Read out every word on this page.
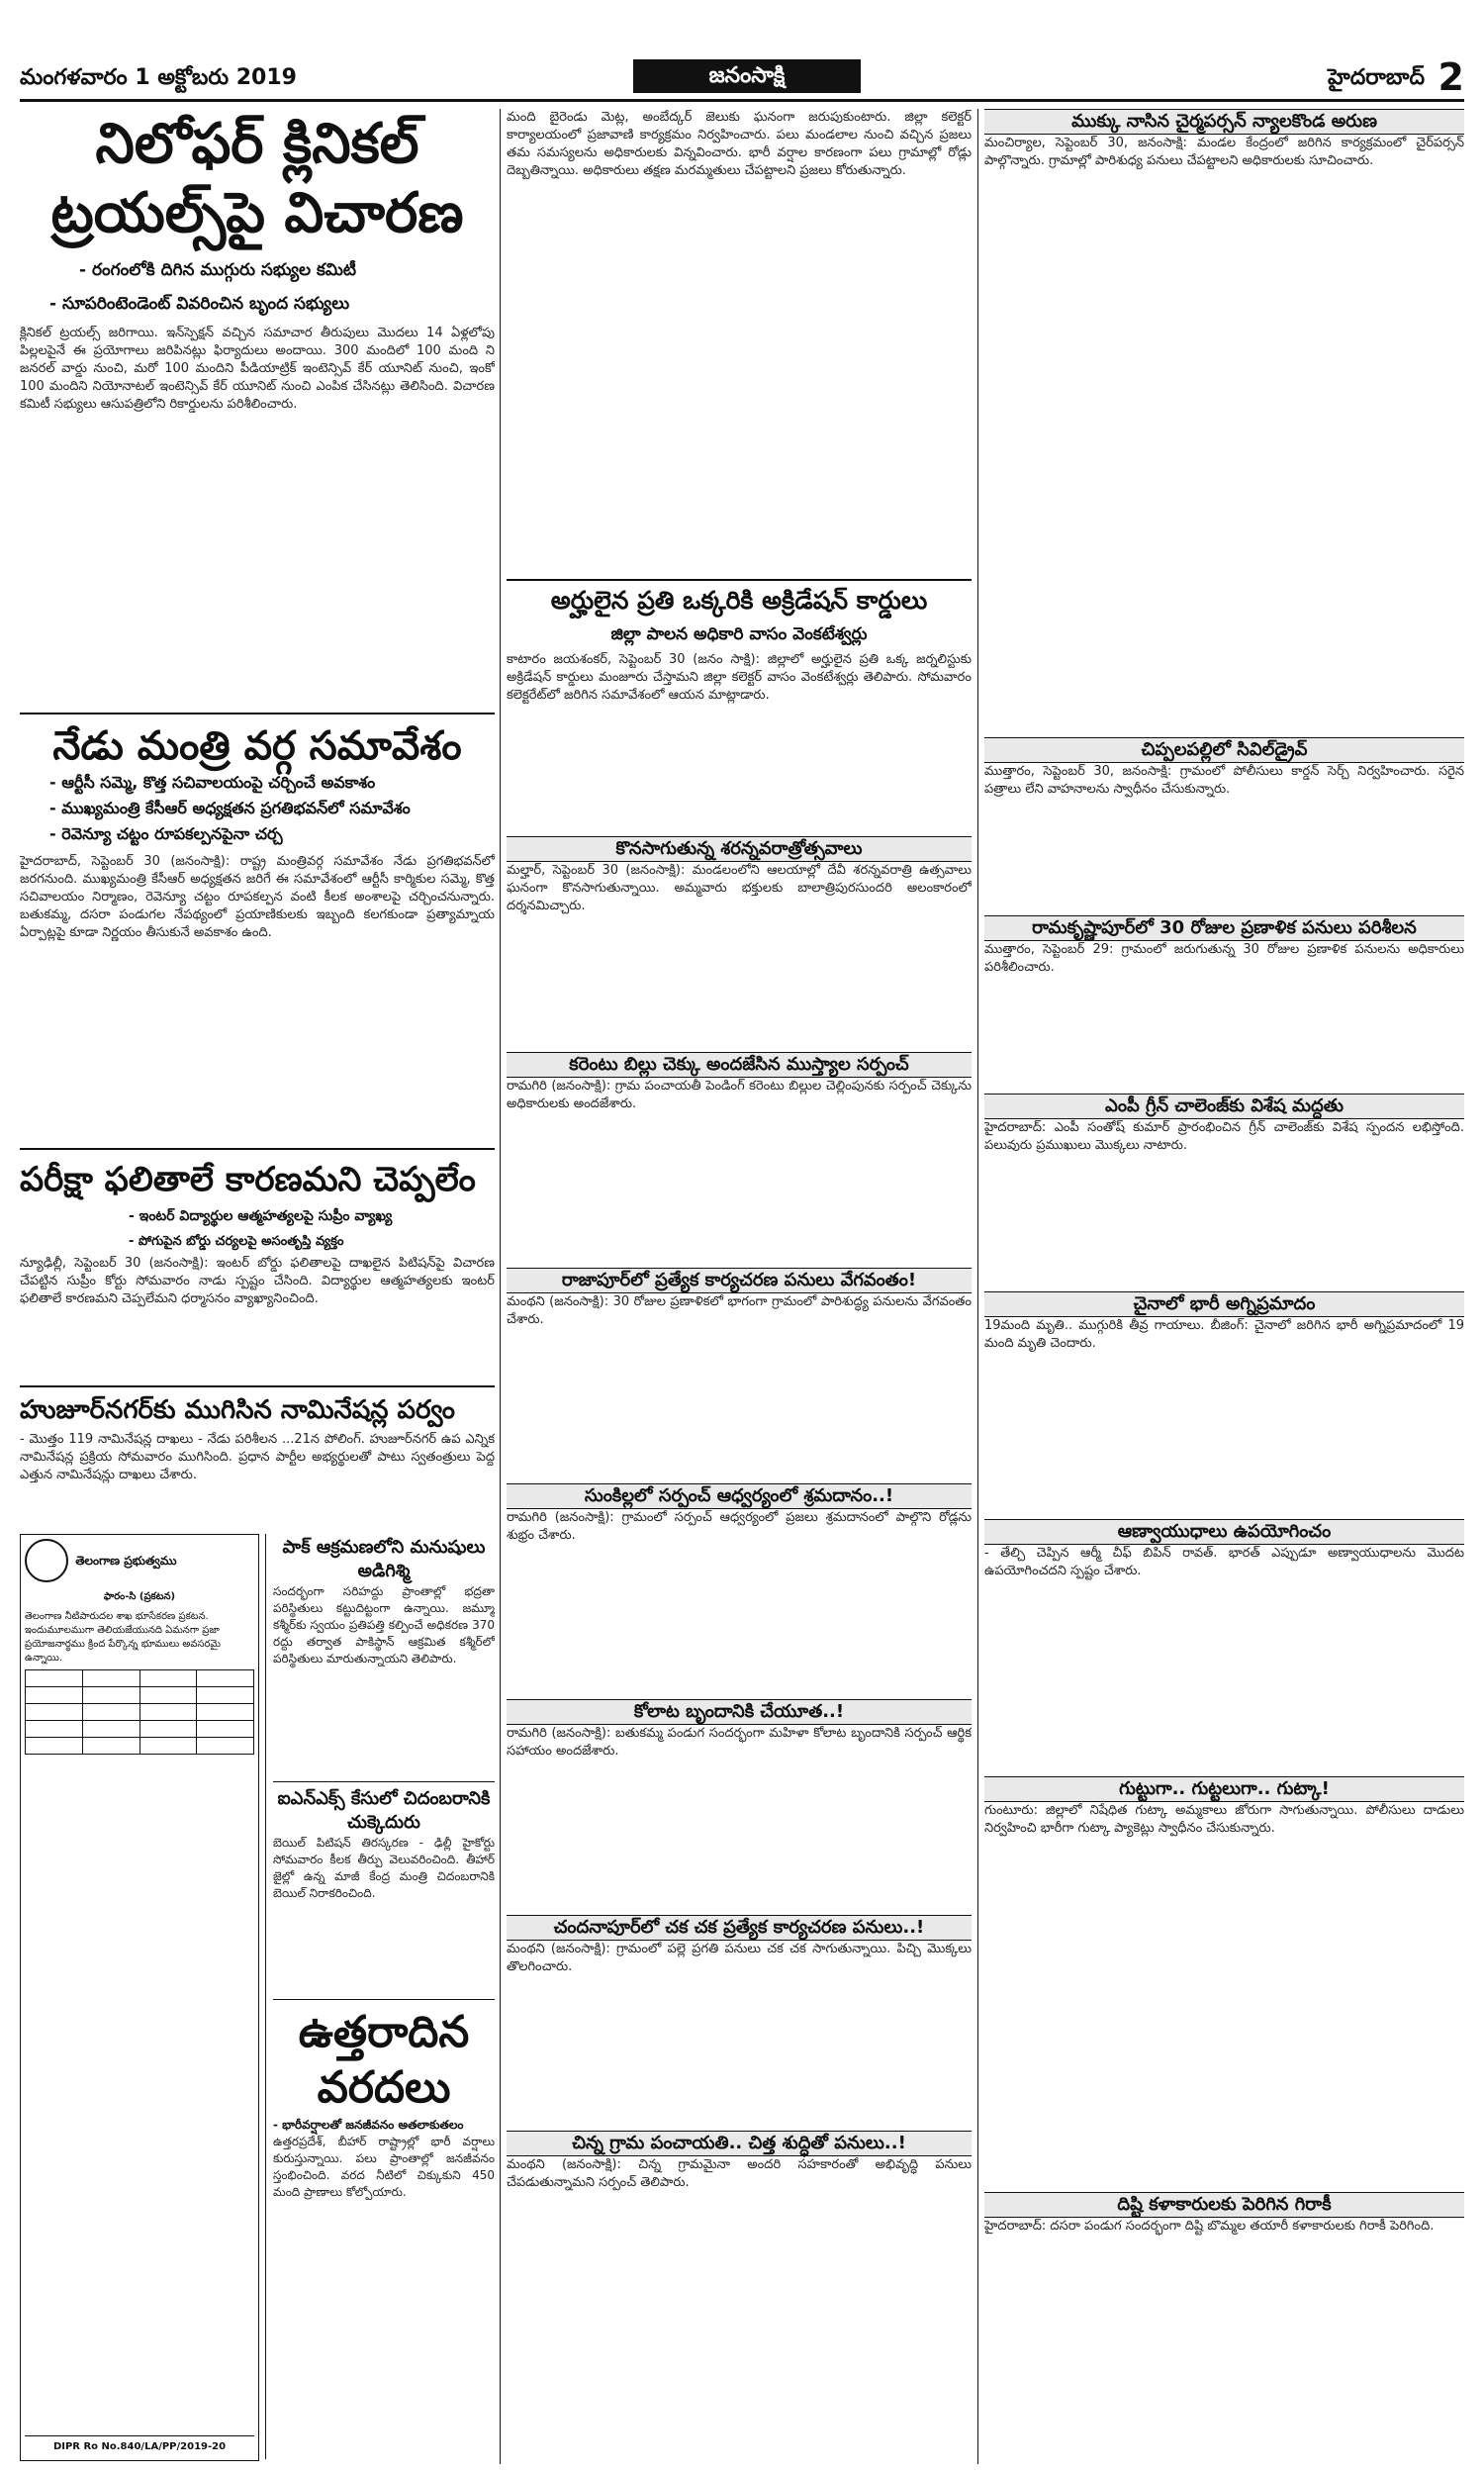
మంగళవారం 1 అక్టోబరు 2019	జనంసాక్షి	హైదరాబాద్ 2
నిలోఫర్ క్లినికల్
ట్రయల్స్‌పై విచారణ
- రంగంలోకి దిగిన ముగ్గురు సభ్యుల కమిటీ
- సూపరింటెండెంట్ వివరించిన బృంద సభ్యులు
క్లినికల్ ట్రయల్స్ జరిగాయి. ఇన్‌స్పెక్షన్ వచ్చిన సమాచార తీరుపులు మొదలు 14 ఏళ్లలోపు పిల్లలపైనే ఈ ప్రయోగాలు జరిపినట్లు ఫిర్యాదులు అందాయి. 300 మందిలో 100 మంది ని జనరల్ వార్డు నుంచి, మరో 100 మందిని పీడియాట్రిక్ ఇంటెన్సివ్ కేర్ యూనిట్ నుంచి, ఇంకో 100 మందిని నియోనాటల్ ఇంటెన్సివ్ కేర్ యూనిట్ నుంచి ఎంపిక చేసినట్లు తెలిసింది. విచారణ కమిటీ సభ్యులు ఆసుపత్రిలోని రికార్డులను పరిశీలించారు.
నేడు మంత్రి వర్గ సమావేశం
- ఆర్టీసీ సమ్మె, కొత్త సచివాలయంపై చర్చించే అవకాశం
- ముఖ్యమంత్రి కేసీఆర్ అధ్యక్షతన ప్రగతిభవన్‌లో సమావేశం
- రెవెన్యూ చట్టం రూపకల్పనపైనా చర్చ
హైదరాబాద్, సెప్టెంబర్ 30 (జనంసాక్షి): రాష్ట్ర మంత్రివర్గ సమావేశం నేడు ప్రగతిభవన్‌లో జరగనుంది. ముఖ్యమంత్రి కేసీఆర్ అధ్యక్షతన జరిగే ఈ సమావేశంలో ఆర్టీసీ కార్మికుల సమ్మె, కొత్త సచివాలయం నిర్మాణం, రెవెన్యూ చట్టం రూపకల్పన వంటి కీలక అంశాలపై చర్చించనున్నారు. బతుకమ్మ, దసరా పండుగల నేపథ్యంలో ప్రయాణికులకు ఇబ్బంది కలగకుండా ప్రత్యామ్నాయ ఏర్పాట్లపై కూడా నిర్ణయం తీసుకునే అవకాశం ఉంది.
పరీక్షా ఫలితాలే కారణమని చెప్పలేం
- ఇంటర్ విద్యార్థుల ఆత్మహత్యలపై సుప్రీం వ్యాఖ్య
- పోగుపైన బోర్డు చర్యలపై అసంతృప్తి వ్యక్తం
న్యూఢిల్లీ, సెప్టెంబర్ 30 (జనంసాక్షి): ఇంటర్ బోర్డు ఫలితాలపై దాఖలైన పిటిషన్‌పై విచారణ చేపట్టిన సుప్రీం కోర్టు సోమవారం నాడు స్పష్టం చేసింది. విద్యార్థుల ఆత్మహత్యలకు ఇంటర్ ఫలితాలే కారణమని చెప్పలేమని ధర్మాసనం వ్యాఖ్యానించింది.
హుజూర్‌నగర్‌కు ముగిసిన నామినేషన్ల పర్వం
- మొత్తం 119 నామినేషన్ల దాఖలు - నేడు పరిశీలన ...21న పోలింగ్. హుజూర్‌నగర్ ఉప ఎన్నిక నామినేషన్ల ప్రక్రియ సోమవారం ముగిసింది. ప్రధాన పార్టీల అభ్యర్థులతో పాటు స్వతంత్రులు పెద్ద ఎత్తున నామినేషన్లు దాఖలు చేశారు.
తెలంగాణ ప్రభుత్వము
ఫారం-సి (ప్రకటన)
తెలంగాణ నీటిపారుదల శాఖ భూసేకరణ ప్రకటన. ఇందుమూలముగా తెలియజేయునది ఏమనగా ప్రజా ప్రయోజనార్థము క్రింద పేర్కొన్న భూములు అవసరమై ఉన్నాయి.

DIPR Ro No.840/LA/PP/2019-20
పాక్ ఆక్రమణలోని మనుషులు అడిగిశ్మి
సందర్భంగా సరిహద్దు ప్రాంతాల్లో భద్రతా పరిస్థితులు కట్టుదిట్టంగా ఉన్నాయి. జమ్మూ కశ్మీర్‌కు స్వయం ప్రతిపత్తి కల్పించే అధికరణ 370 రద్దు తర్వాత పాకిస్థాన్ ఆక్రమిత కశ్మీర్‌లో పరిస్థితులు మారుతున్నాయని తెలిపారు.
ఐఎన్ఎక్స్ కేసులో చిదంబరానికి చుక్కెదురు
బెయిల్ పిటిషన్ తిరస్కరణ - ఢిల్లీ హైకోర్టు సోమవారం కీలక తీర్పు వెలువరించింది. తీహార్ జైల్లో ఉన్న మాజీ కేంద్ర మంత్రి చిదంబరానికి బెయిల్ నిరాకరించింది.
ఉత్తరాదిన
వరదలు
- భారీవర్షాలతో జనజీవనం అతలాకుతలం
ఉత్తరప్రదేశ్, బీహార్ రాష్ట్రాల్లో భారీ వర్షాలు కురుస్తున్నాయి. పలు ప్రాంతాల్లో జనజీవనం స్తంభించింది. వరద నీటిలో చిక్కుకుని 450 మంది ప్రాణాలు కోల్పోయారు.
మంది బైరెండు మెట్ల, అంబేద్కర్ జెలుకు ఘనంగా జరుపుకుంటారు. జిల్లా కలెక్టర్ కార్యాలయంలో ప్రజావాణి కార్యక్రమం నిర్వహించారు. పలు మండలాల నుంచి వచ్చిన ప్రజలు తమ సమస్యలను అధికారులకు విన్నవించారు. భారీ వర్షాల కారణంగా పలు గ్రామాల్లో రోడ్లు దెబ్బతిన్నాయి. అధికారులు తక్షణ మరమ్మతులు చేపట్టాలని ప్రజలు కోరుతున్నారు.
అర్హులైన ప్రతి ఒక్కరికి అక్రిడేషన్ కార్డులు
జిల్లా పాలన అధికారి వాసం వెంకటేశ్వర్లు
కాటారం జయశంకర్, సెప్టెంబర్ 30 (జనం సాక్షి): జిల్లాలో అర్హులైన ప్రతి ఒక్క జర్నలిస్టుకు అక్రిడేషన్ కార్డులు మంజూరు చేస్తామని జిల్లా కలెక్టర్ వాసం వెంకటేశ్వర్లు తెలిపారు. సోమవారం కలెక్టరేట్‌లో జరిగిన సమావేశంలో ఆయన మాట్లాడారు.
కొనసాగుతున్న శరన్నవరాత్రోత్సవాలు
మల్హార్, సెప్టెంబర్ 30 (జనంసాక్షి): మండలంలోని ఆలయాల్లో దేవీ శరన్నవరాత్రి ఉత్సవాలు ఘనంగా కొనసాగుతున్నాయి. అమ్మవారు భక్తులకు బాలాత్రిపురసుందరి అలంకారంలో దర్శనమిచ్చారు.
కరెంటు బిల్లు చెక్కు అందజేసిన ముస్త్యాల సర్పంచ్
రామగిరి (జనంసాక్షి): గ్రామ పంచాయతీ పెండింగ్ కరెంటు బిల్లుల చెల్లింపునకు సర్పంచ్ చెక్కును అధికారులకు అందజేశారు.
రాజాపూర్‌లో ప్రత్యేక కార్యచరణ పనులు వేగవంతం!
మంథని (జనంసాక్షి): 30 రోజుల ప్రణాళికలో భాగంగా గ్రామంలో పారిశుద్ధ్య పనులను వేగవంతం చేశారు.
సుంకిల్లలో సర్పంచ్ ఆధ్వర్యంలో శ్రమదానం..!
రామగిరి (జనంసాక్షి): గ్రామంలో సర్పంచ్ ఆధ్వర్యంలో ప్రజలు శ్రమదానంలో పాల్గొని రోడ్లను శుభ్రం చేశారు.
కోలాట బృందానికి చేయూత..!
రామగిరి (జనంసాక్షి): బతుకమ్మ పండుగ సందర్భంగా మహిళా కోలాట బృందానికి సర్పంచ్ ఆర్థిక సహాయం అందజేశారు.
చందనాపూర్‌లో చక చక ప్రత్యేక కార్యచరణ పనులు..!
మంథని (జనంసాక్షి): గ్రామంలో పల్లె ప్రగతి పనులు చక చక సాగుతున్నాయి. పిచ్చి మొక్కలు తొలగించారు.
చిన్న గ్రామ పంచాయతి.. చిత్త శుద్ధితో పనులు..!
మంథని (జనంసాక్షి): చిన్న గ్రామమైనా అందరి సహకారంతో అభివృద్ధి పనులు చేపడుతున్నామని సర్పంచ్ తెలిపారు.
ముక్కు నాసిన చైర్మపర్సన్ న్యాలకొండ అరుణ
మంచిర్యాల, సెప్టెంబర్ 30, జనంసాక్షి: మండల కేంద్రంలో జరిగిన కార్యక్రమంలో చైర్‌పర్సన్ పాల్గొన్నారు. గ్రామాల్లో పారిశుధ్య పనులు చేపట్టాలని అధికారులకు సూచించారు.
చిప్పలపల్లిలో సివిల్‌డ్రైవ్
ముత్తారం, సెప్టెంబర్ 30, జనంసాక్షి: గ్రామంలో పోలీసులు కార్డన్ సెర్చ్ నిర్వహించారు. సరైన పత్రాలు లేని వాహనాలను స్వాధీనం చేసుకున్నారు.
రామకృష్ణాపూర్‌లో 30 రోజుల ప్రణాళిక పనులు పరిశీలన
ముత్తారం, సెప్టెంబర్ 29: గ్రామంలో జరుగుతున్న 30 రోజుల ప్రణాళిక పనులను అధికారులు పరిశీలించారు.
ఎంపీ గ్రీన్ చాలెంజ్‌కు విశేష మద్దతు
హైదరాబాద్: ఎంపీ సంతోష్ కుమార్ ప్రారంభించిన గ్రీన్ చాలెంజ్‌కు విశేష స్పందన లభిస్తోంది. పలువురు ప్రముఖులు మొక్కలు నాటారు.
చైనాలో భారీ అగ్నిప్రమాదం
19మంది మృతి.. ముగ్గురికి తీవ్ర గాయాలు. బీజింగ్: చైనాలో జరిగిన భారీ అగ్నిప్రమాదంలో 19 మంది మృతి చెందారు.
ఆణ్వాయుధాలు ఉపయోగించం
- తేల్చి చెప్పిన ఆర్మీ చీఫ్ బిపిన్ రావత్. భారత్ ఎప్పుడూ అణ్వాయుధాలను మొదట ఉపయోగించదని స్పష్టం చేశారు.
గుట్టుగా.. గుట్టలుగా.. గుట్కా!
గుంటూరు: జిల్లాలో నిషేధిత గుట్కా అమ్మకాలు జోరుగా సాగుతున్నాయి. పోలీసులు దాడులు నిర్వహించి భారీగా గుట్కా ప్యాకెట్లు స్వాధీనం చేసుకున్నారు.
దిష్టి కళాకారులకు పెరిగిన గిరాకీ
హైదరాబాద్: దసరా పండుగ సందర్భంగా దిష్టి బొమ్మల తయారీ కళాకారులకు గిరాకీ పెరిగింది.
